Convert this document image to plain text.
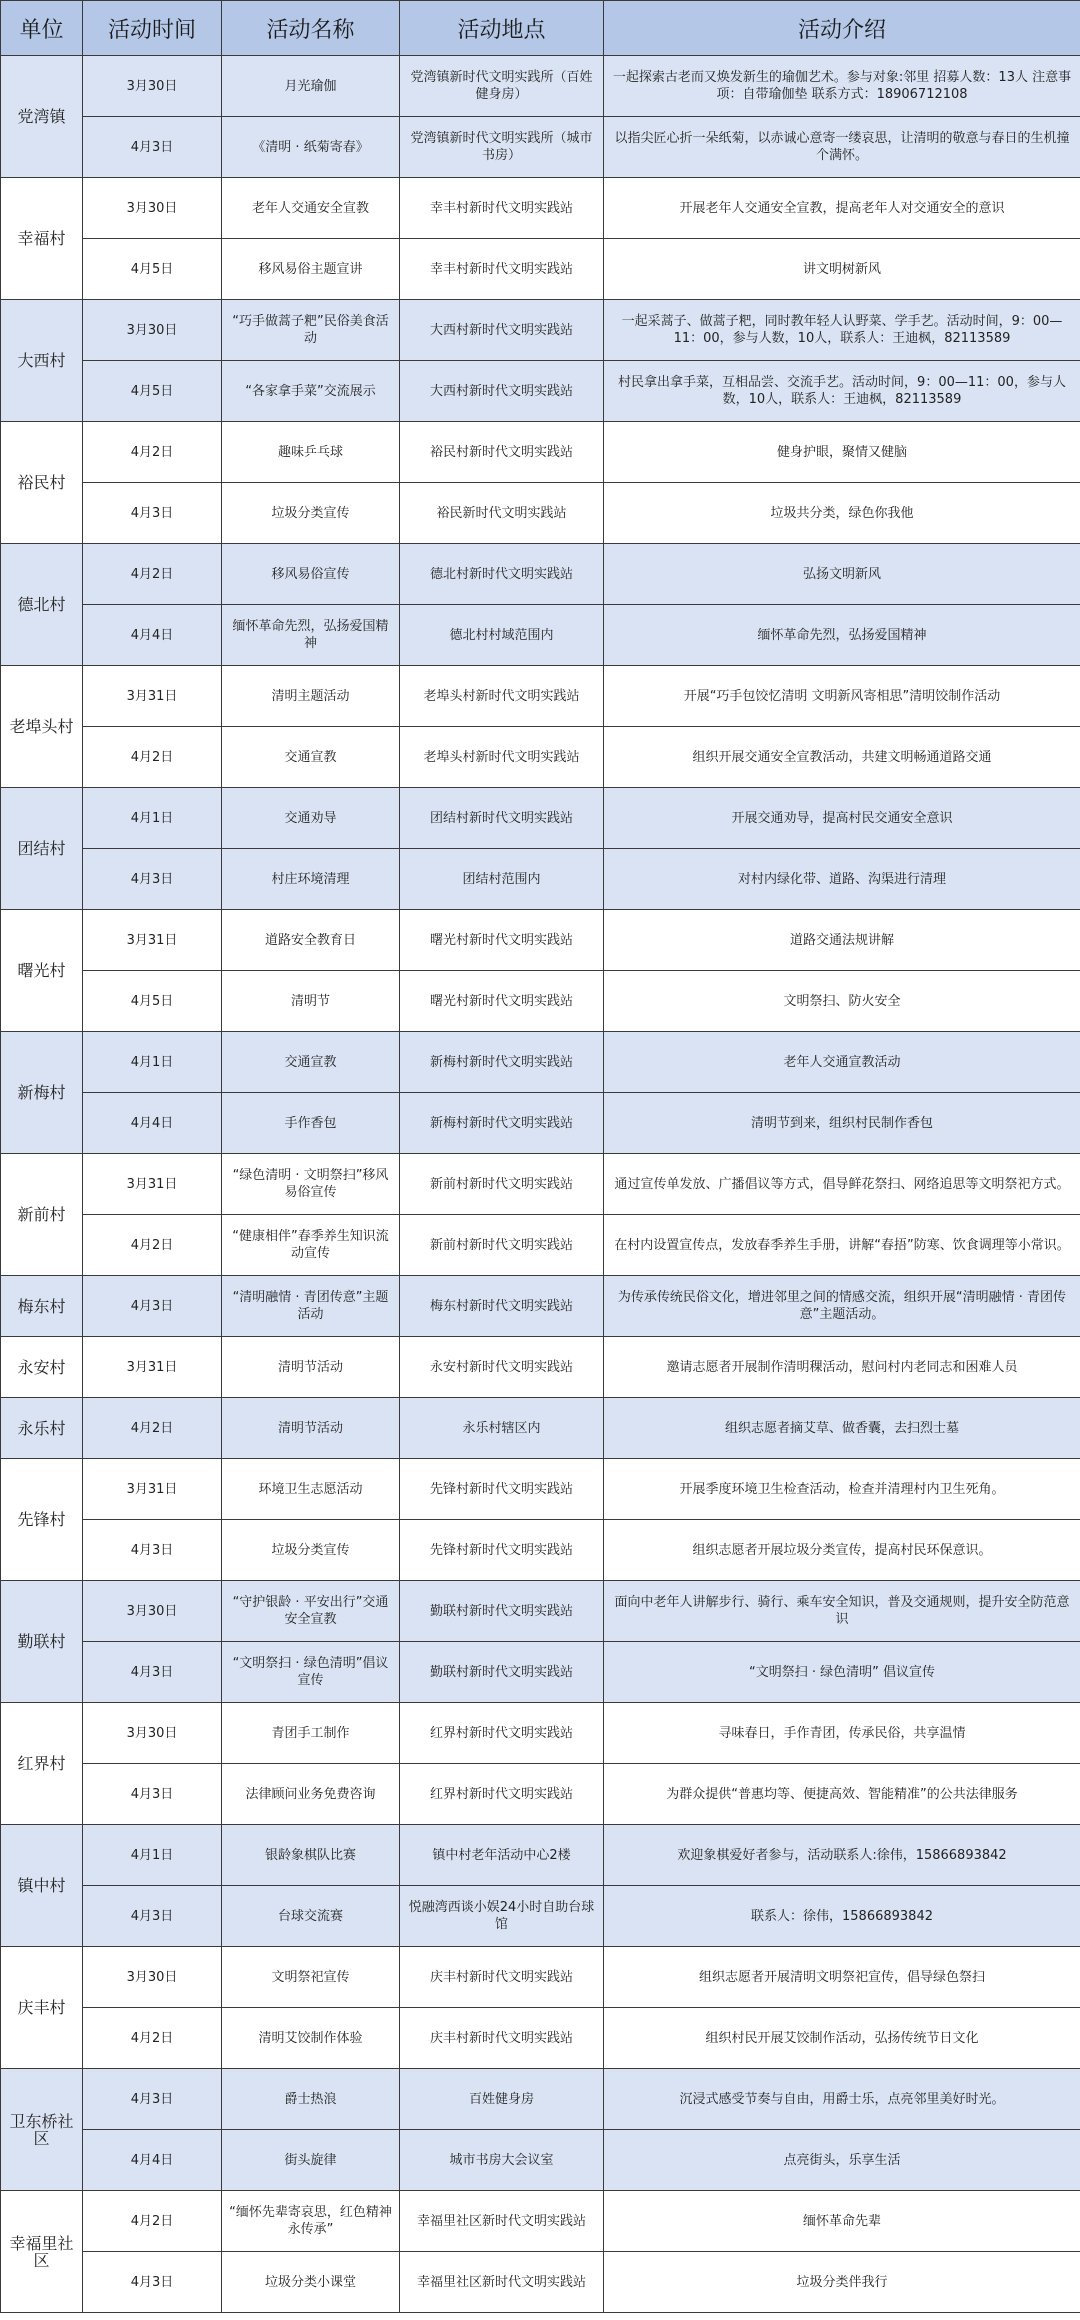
单位	活动时间	活动名称	活动地点	活动介绍
党湾镇	3月30日	月光瑜伽	党湾镇新时代文明实践所（百姓健身房）	一起探索古老而又焕发新生的瑜伽艺术。参与对象:邻里 招募人数：13人 注意事项：自带瑜伽垫 联系方式：18906712108
	4月3日	《清明 · 纸菊寄春》	党湾镇新时代文明实践所（城市书房）	以指尖匠心折一朵纸菊，以赤诚心意寄一缕哀思，让清明的敬意与春日的生机撞个满怀。
幸福村	3月30日	老年人交通安全宣教	幸丰村新时代文明实践站	开展老年人交通安全宣教，提高老年人对交通安全的意识
	4月5日	移风易俗主题宣讲	幸丰村新时代文明实践站	讲文明树新风
大西村	3月30日	“巧手做蒿子粑”民俗美食活动	大西村新时代文明实践站	一起采蒿子、做蒿子粑，同时教年轻人认野菜、学手艺。活动时间，9：00—11：00，参与人数，10人，联系人：王迪枫，82113589
	4月5日	“各家拿手菜”交流展示	大西村新时代文明实践站	村民拿出拿手菜，互相品尝、交流手艺。活动时间，9：00—11：00，参与人数，10人，联系人：王迪枫，82113589
裕民村	4月2日	趣味乒乓球	裕民村新时代文明实践站	健身护眼，聚情又健脑
	4月3日	垃圾分类宣传	裕民新时代文明实践站	垃圾共分类，绿色你我他
德北村	4月2日	移风易俗宣传	德北村新时代文明实践站	弘扬文明新风
	4月4日	缅怀革命先烈，弘扬爱国精神	德北村村域范围内	缅怀革命先烈，弘扬爱国精神
老埠头村	3月31日	清明主题活动	老埠头村新时代文明实践站	开展“巧手包饺忆清明 文明新风寄相思”清明饺制作活动
	4月2日	交通宣教	老埠头村新时代文明实践站	组织开展交通安全宣教活动，共建文明畅通道路交通
团结村	4月1日	交通劝导	团结村新时代文明实践站	开展交通劝导，提高村民交通安全意识
	4月3日	村庄环境清理	团结村范围内	对村内绿化带、道路、沟渠进行清理
曙光村	3月31日	道路安全教育日	曙光村新时代文明实践站	道路交通法规讲解
	4月5日	清明节	曙光村新时代文明实践站	文明祭扫、防火安全
新梅村	4月1日	交通宣教	新梅村新时代文明实践站	老年人交通宣教活动
	4月4日	手作香包	新梅村新时代文明实践站	清明节到来，组织村民制作香包
新前村	3月31日	“绿色清明 · 文明祭扫”移风易俗宣传	新前村新时代文明实践站	通过宣传单发放、广播倡议等方式，倡导鲜花祭扫、网络追思等文明祭祀方式。
	4月2日	“健康相伴”春季养生知识流动宣传	新前村新时代文明实践站	在村内设置宣传点，发放春季养生手册，讲解“春捂”防寒、饮食调理等小常识。
梅东村	4月3日	“清明融情 · 青团传意”主题活动	梅东村新时代文明实践站	为传承传统民俗文化，增进邻里之间的情感交流，组织开展“清明融情 · 青团传意”主题活动。
永安村	3月31日	清明节活动	永安村新时代文明实践站	邀请志愿者开展制作清明稞活动，慰问村内老同志和困难人员
永乐村	4月2日	清明节活动	永乐村辖区内	组织志愿者摘艾草、做香囊，去扫烈士墓
先锋村	3月31日	环境卫生志愿活动	先锋村新时代文明实践站	开展季度环境卫生检查活动，检查并清理村内卫生死角。
	4月3日	垃圾分类宣传	先锋村新时代文明实践站	组织志愿者开展垃圾分类宣传，提高村民环保意识。
勤联村	3月30日	“守护银龄 · 平安出行”交通安全宣教	勤联村新时代文明实践站	面向中老年人讲解步行、骑行、乘车安全知识，普及交通规则，提升安全防范意识
	4月3日	“文明祭扫 · 绿色清明”倡议宣传	勤联村新时代文明实践站	“文明祭扫 · 绿色清明” 倡议宣传
红界村	3月30日	青团手工制作	红界村新时代文明实践站	寻味春日，手作青团，传承民俗，共享温情
	4月3日	法律顾问业务免费咨询	红界村新时代文明实践站	为群众提供“普惠均等、便捷高效、智能精准”的公共法律服务
镇中村	4月1日	银龄象棋队比赛	镇中村老年活动中心2楼	欢迎象棋爱好者参与，活动联系人:徐伟，15866893842
	4月3日	台球交流赛	悦融湾西谈小娱24小时自助台球馆	联系人：徐伟，15866893842
庆丰村	3月30日	文明祭祀宣传	庆丰村新时代文明实践站	组织志愿者开展清明文明祭祀宣传，倡导绿色祭扫
	4月2日	清明艾饺制作体验	庆丰村新时代文明实践站	组织村民开展艾饺制作活动，弘扬传统节日文化
卫东桥社区	4月3日	爵士热浪	百姓健身房	沉浸式感受节奏与自由，用爵士乐，点亮邻里美好时光。
	4月4日	街头旋律	城市书房大会议室	点亮街头，乐享生活
幸福里社区	4月2日	“缅怀先辈寄哀思，红色精神永传承”	幸福里社区新时代文明实践站	缅怀革命先辈
	4月3日	垃圾分类小课堂	幸福里社区新时代文明实践站	垃圾分类伴我行
